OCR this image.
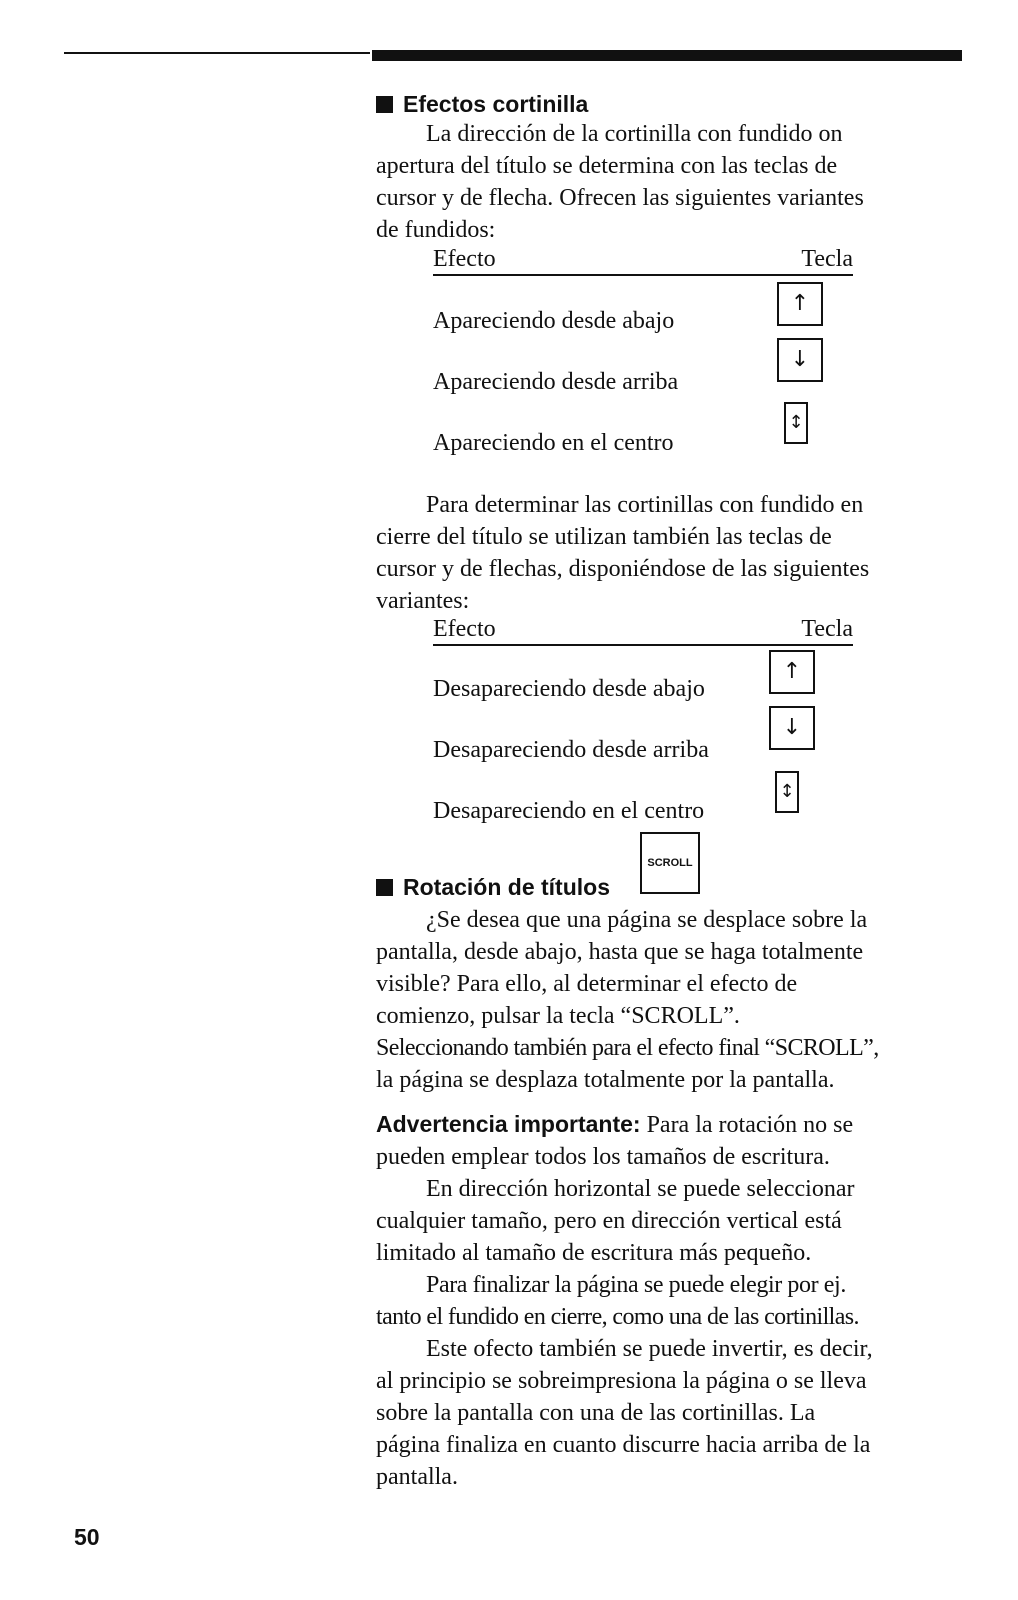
Efectos cortinilla
La dirección de la cortinilla con fundido on
apertura del título se determina con las teclas de
cursor y de flecha. Ofrecen las siguientes variantes
de fundidos:
Efecto	Tecla
Apareciendo desde abajo
Apareciendo desde arriba
Apareciendo en el centro
↑
↓
↕
Para determinar las cortinillas con fundido en
cierre del título se utilizan también las teclas de
cursor y de flechas, disponiéndose de las siguientes
variantes:
Efecto	Tecla
Desapareciendo desde abajo
Desapareciendo desde arriba
Desapareciendo en el centro
↑
↓
↕
Rotación de títulos
SCROLL
¿Se desea que una página se desplace sobre la
pantalla, desde abajo, hasta que se haga totalmente
visible? Para ello, al determinar el efecto de
comienzo, pulsar la tecla “SCROLL”.
Seleccionando también para el efecto final “SCROLL”,
la página se desplaza totalmente por la pantalla.
Advertencia importante: Para la rotación no se
pueden emplear todos los tamaños de escritura.
En dirección horizontal se puede seleccionar
cualquier tamaño, pero en dirección vertical está
limitado al tamaño de escritura más pequeño.
Para finalizar la página se puede elegir por ej.
tanto el fundido en cierre, como una de las cortinillas.
Este ofecto también se puede invertir, es decir,
al principio se sobreimpresiona la página o se lleva
sobre la pantalla con una de las cortinillas. La
página finaliza en cuanto discurre hacia arriba de la
pantalla.
50
